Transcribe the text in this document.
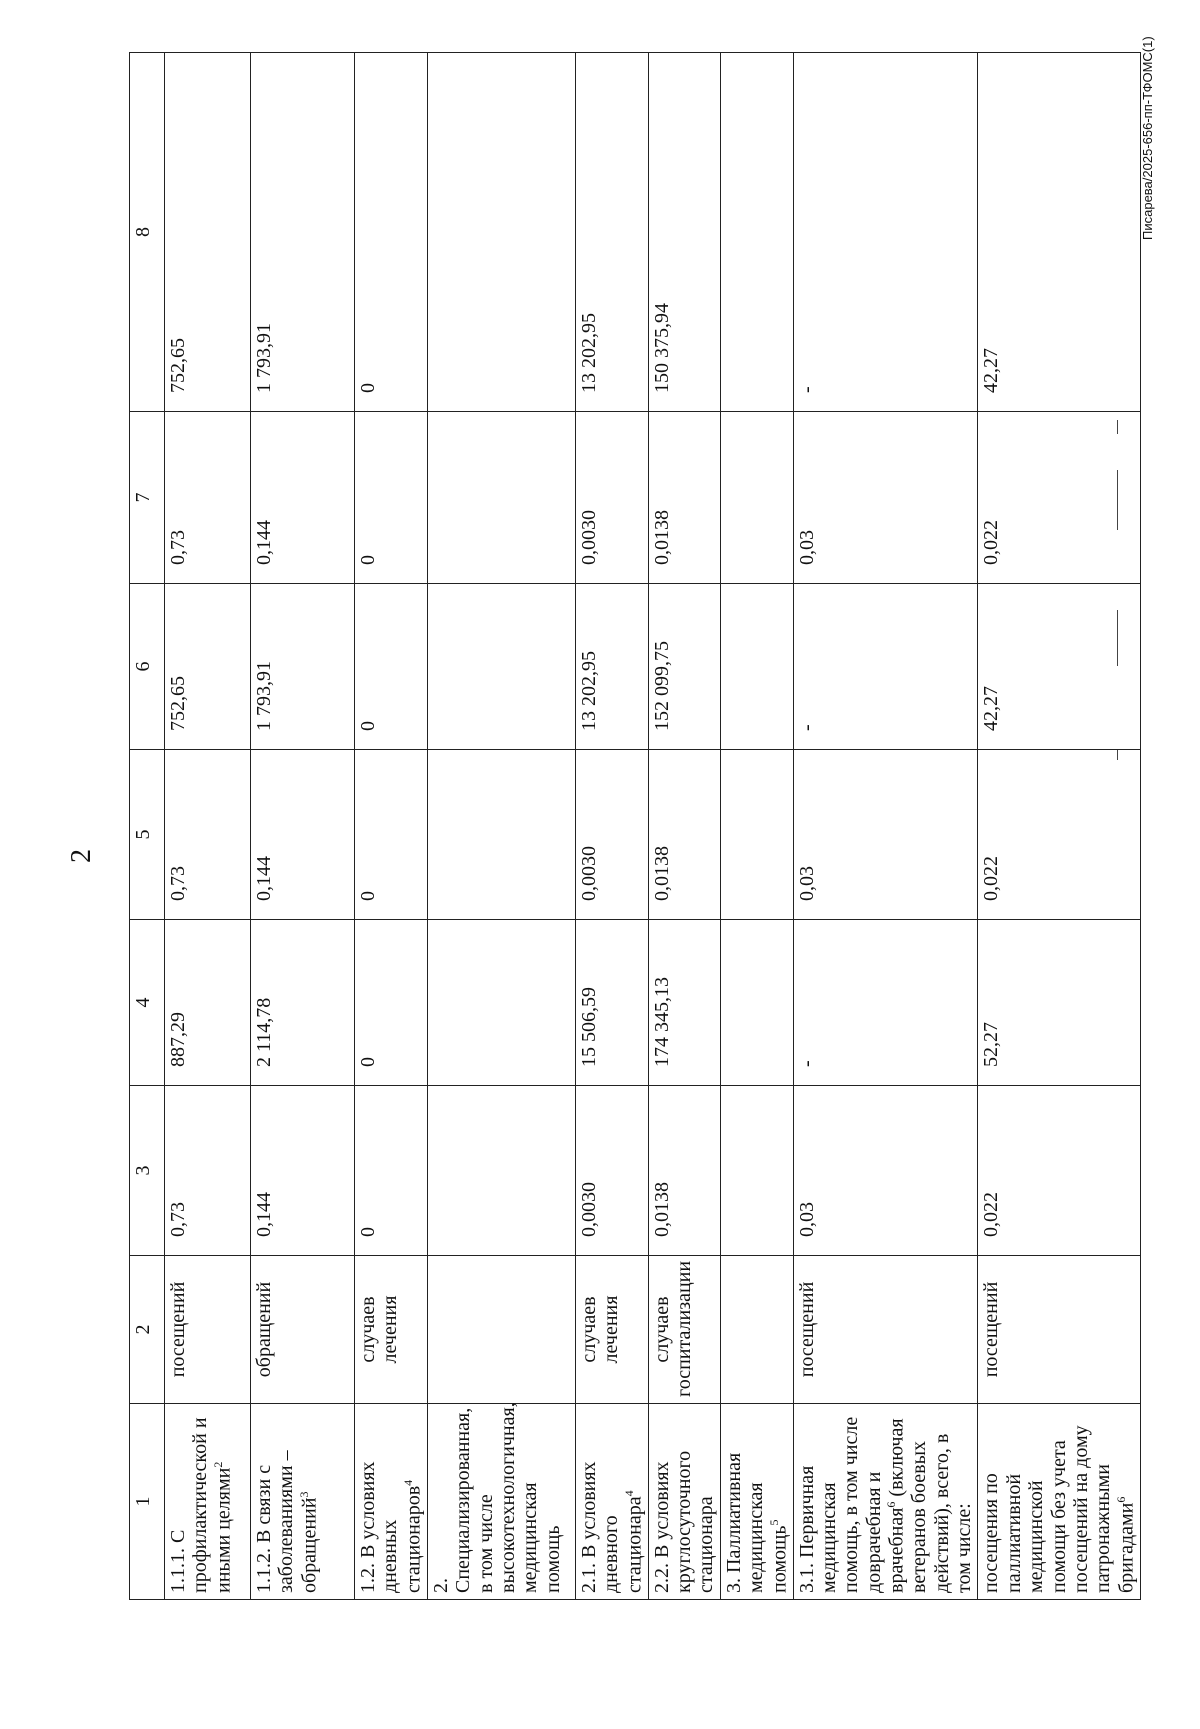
2
1	2	3	4	5	6	7	8
1.1.1. С профилактической и иными целями$^2$	посещений	0,73	887,29	0,73	752,65	0,73	752,65
1.1.2. В связи с заболеваниями – обращений$^3$	обращений	0,144	2 114,78	0,144	1 793,91	0,144	1 793,91
1.2. В условиях дневных стационаров$^4$	случаев лечения	0	0	0	0	0	0
2. Специализированная, в том числе высокотехнологичная, медицинская помощь							
2.1. В условиях дневного стационара$^4$	случаев лечения	0,0030	15 506,59	0,0030	13 202,95	0,0030	13 202,95
2.2. В условиях круглосуточного стационара	случаев госпитализации	0,0138	174 345,13	0,0138	152 099,75	0,0138	150 375,94
3. Паллиативная медицинская помощь$^5$							
3.1. Первичная медицинская помощь, в том числе доврачебная и врачебная$^6$ (включая ветеранов боевых действий), всего, в том числе:	посещений	0,03	-	0,03	-	0,03	-
посещения по паллиативной медицинской помощи без учета посещений на дому патронажными бригадами$^6$	посещений	0,022	52,27	0,022	42,27	0,022	42,27
Писарева/2025-656-пп-ТФОМС(1)
